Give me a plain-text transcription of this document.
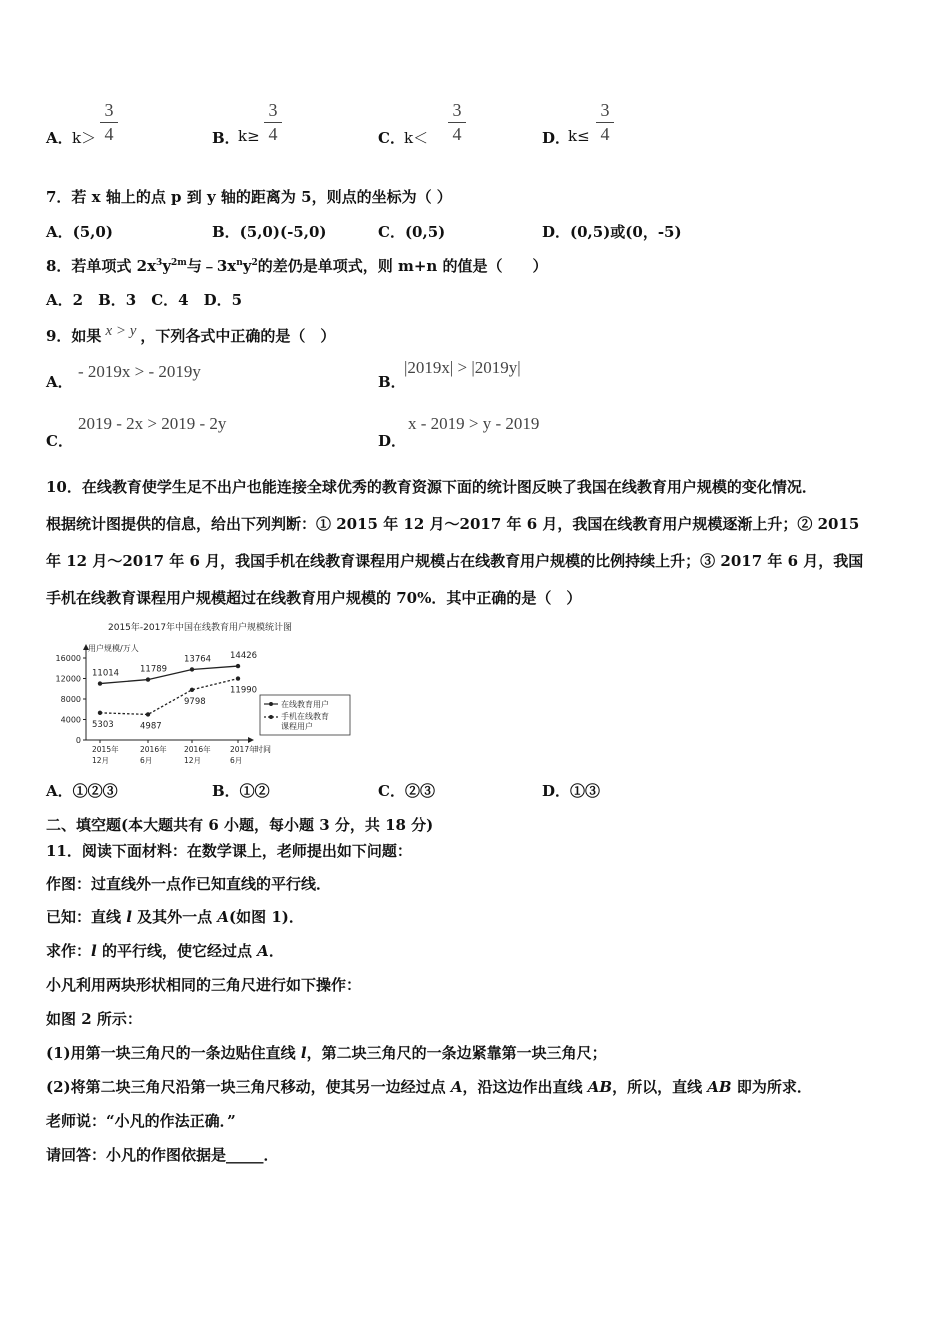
A． k＞
3
4	B．
k≥
3
4	C． k＜
3
4	D．
k≤
3
4
7．若 x 轴上的点 p 到 y 轴的距离为 5，则点的坐标为（ ）
A．(5,0)	B．(5,0)(-5,0)	C．(0,5)	D．(0,5)或(0，-5)
8．若单项式 $2x^3y^{2m}$与$﹣3x^ny^2$的差仍是单项式，则 m+n 的值是（　　）
A．2　B．3　C．4　D．5
9．如果 x > y ，下列各式中正确的是（　）
A．
- 2019x > - 2019y
B．
|2019x| > |2019y|
C．
2019 - 2x > 2019 - 2y
D．
x - 2019 > y - 2019
10．在线教育使学生足不出户也能连接全球优秀的教育资源下面的统计图反映了我国在线教育用户规模的变化情况．
根据统计图提供的信息，给出下列判断：① 2015 年 12 月～2017 年 6 月，我国在线教育用户规模逐渐上升；② 2015
年 12 月～2017 年 6 月，我国手机在线教育课程用户规模占在线教育用户规模的比例持续上升；③ 2017 年 6 月，我国
手机在线教育课程用户规模超过在线教育用户规模的 70%．其中正确的是（　）
2015年-2017年中国在线教育用户规模统计图
用户规模/万人
16000
12000
8000
4000
0
2015年
12月
2016年
6月
2016年
12月
2017年
6月
11014 11789
13764 14426
5303	4987
9798
11990
时间
在线教育用户
手机在线教育
课程用户
A．①②③	B．①②	C．②③	D．①③
二、填空题(本大题共有 6 小题，每小题 3 分，共 18 分)
11．阅读下面材料：在数学课上，老师提出如下问题：
作图：过直线外一点作已知直线的平行线．
已知：直线 l 及其外一点 A(如图 1)．
求作：l 的平行线，使它经过点 A．
小凡利用两块形状相同的三角尺进行如下操作：
如图 2 所示：
(1)用第一块三角尺的一条边贴住直线 l，第二块三角尺的一条边紧靠第一块三角尺；
(2)将第二块三角尺沿第一块三角尺移动，使其另一边经过点 A，沿这边作出直线 AB，所以，直线 AB 即为所求．
老师说：“小凡的作法正确．”
请回答：小凡的作图依据是_____．
